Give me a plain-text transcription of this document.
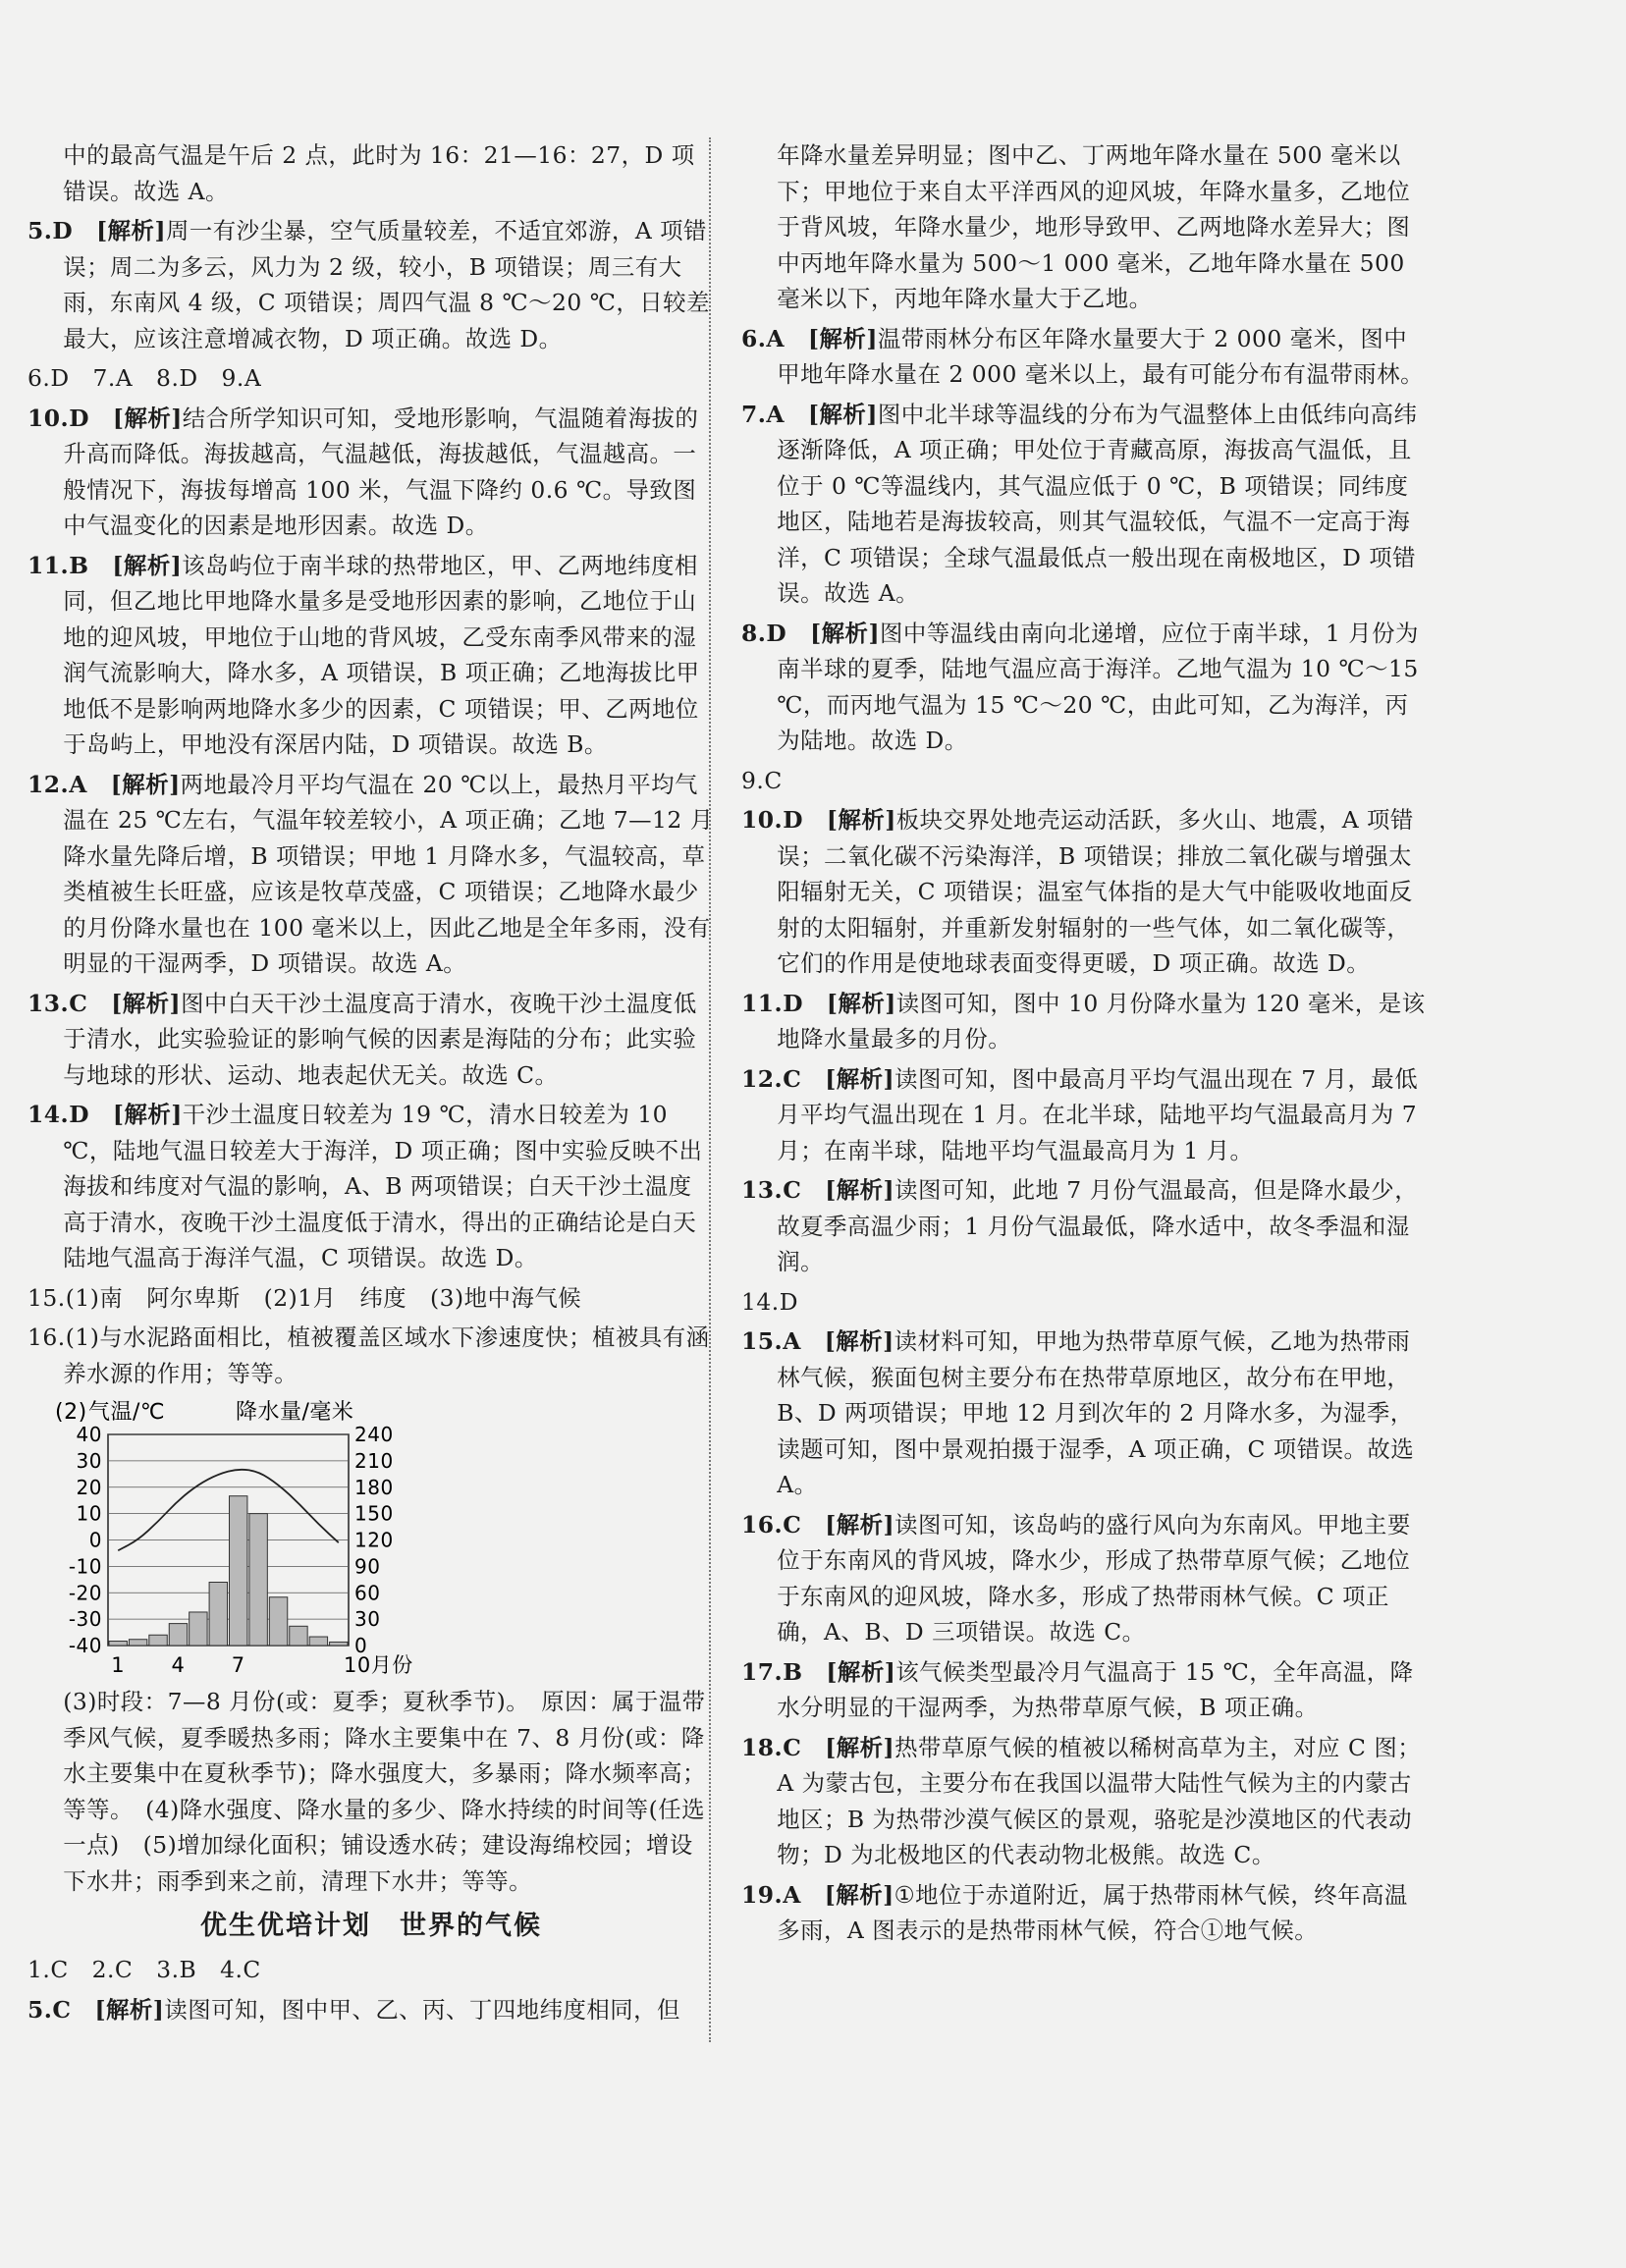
中的最高气温是午后 2 点，此时为 16：21—16：27，D 项错误。故选 A。

5.D　 [解析]周一有沙尘暴，空气质量较差，不适宜郊游，A 项错误；周二为多云，风力为 2 级，较小，B 项错误；周三有大雨，东南风 4 级，C 项错误；周四气温 8 ℃～20 ℃，日较差最大，应该注意增减衣物，D 项正确。故选 D。

6.D　7.A　8.D　9.A

10.D　 [解析]结合所学知识可知，受地形影响，气温随着海拔的升高而降低。海拔越高，气温越低，海拔越低，气温越高。一般情况下，海拔每增高 100 米，气温下降约 0.6 ℃。导致图中气温变化的因素是地形因素。故选 D。

11.B　 [解析]该岛屿位于南半球的热带地区，甲、乙两地纬度相同，但乙地比甲地降水量多是受地形因素的影响，乙地位于山地的迎风坡，甲地位于山地的背风坡，乙受东南季风带来的湿润气流影响大，降水多，A 项错误，B 项正确；乙地海拔比甲地低不是影响两地降水多少的因素，C 项错误；甲、乙两地位于岛屿上，甲地没有深居内陆，D 项错误。故选 B。

12.A　 [解析]两地最冷月平均气温在 20 ℃以上，最热月平均气温在 25 ℃左右，气温年较差较小，A 项正确；乙地 7—12 月降水量先降后增，B 项错误；甲地 1 月降水多，气温较高，草类植被生长旺盛，应该是牧草茂盛，C 项错误；乙地降水最少的月份降水量也在 100 毫米以上，因此乙地是全年多雨，没有明显的干湿两季，D 项错误。故选 A。

13.C　 [解析]图中白天干沙土温度高于清水，夜晚干沙土温度低于清水，此实验验证的影响气候的因素是海陆的分布；此实验与地球的形状、运动、地表起伏无关。故选 C。

14.D　 [解析]干沙土温度日较差为 19 ℃，清水日较差为 10 ℃，陆地气温日较差大于海洋，D 项正确；图中实验反映不出海拔和纬度对气温的影响，A、B 两项错误；白天干沙土温度高于清水，夜晚干沙土温度低于清水，得出的正确结论是白天陆地气温高于海洋气温，C 项错误。故选 D。

15.(1)南　阿尔卑斯　(2)1月　纬度　(3)地中海气候

16.(1)与水泥路面相比，植被覆盖区域水下渗速度快；植被具有涵养水源的作用；等等。

(2) 气温/℃	降水量/毫米
40
30
20
10
0
-10
-20
-30
-40
240
210
180
150
120
90
60
30
0
1 4 7	10月份

(3)时段：7—8 月份(或：夏季；夏秋季节)。　原因：属于温带季风气候，夏季暖热多雨；降水主要集中在 7、8 月份(或：降水主要集中在夏秋季节)；降水强度大，多暴雨；降水频率高；等等。　(4)降水强度、降水量的多少、降水持续的时间等(任选一点)　(5)增加绿化面积；铺设透水砖；建设海绵校园；增设下水井；雨季到来之前，清理下水井；等等。

优生优培计划　世界的气候

1.C　2.C　3.B　4.C

5.C　 [解析]读图可知，图中甲、乙、丙、丁四地纬度相同，但

年降水量差异明显；图中乙、丁两地年降水量在 500 毫米以下；甲地位于来自太平洋西风的迎风坡，年降水量多，乙地位于背风坡，年降水量少，地形导致甲、乙两地降水差异大；图中丙地年降水量为 500～1 000 毫米，乙地年降水量在 500 毫米以下，丙地年降水量大于乙地。

6.A　 [解析]温带雨林分布区年降水量要大于 2 000 毫米，图中甲地年降水量在 2 000 毫米以上，最有可能分布有温带雨林。

7.A　 [解析]图中北半球等温线的分布为气温整体上由低纬向高纬逐渐降低，A 项正确；甲处位于青藏高原，海拔高气温低，且位于 0 ℃等温线内，其气温应低于 0 ℃，B 项错误；同纬度地区，陆地若是海拔较高，则其气温较低，气温不一定高于海洋，C 项错误；全球气温最低点一般出现在南极地区，D 项错误。故选 A。

8.D　 [解析]图中等温线由南向北递增，应位于南半球，1 月份为南半球的夏季，陆地气温应高于海洋。乙地气温为 10 ℃～15 ℃，而丙地气温为 15 ℃～20 ℃，由此可知，乙为海洋，丙为陆地。故选 D。

9.C

10.D　 [解析]板块交界处地壳运动活跃，多火山、地震，A 项错误；二氧化碳不污染海洋，B 项错误；排放二氧化碳与增强太阳辐射无关，C 项错误；温室气体指的是大气中能吸收地面反射的太阳辐射，并重新发射辐射的一些气体，如二氧化碳等，它们的作用是使地球表面变得更暖，D 项正确。故选 D。

11.D　 [解析]读图可知，图中 10 月份降水量为 120 毫米，是该地降水量最多的月份。

12.C　 [解析]读图可知，图中最高月平均气温出现在 7 月，最低月平均气温出现在 1 月。在北半球，陆地平均气温最高月为 7 月；在南半球，陆地平均气温最高月为 1 月。

13.C　 [解析]读图可知，此地 7 月份气温最高，但是降水最少，故夏季高温少雨；1 月份气温最低，降水适中，故冬季温和湿润。

14.D

15.A　 [解析]读材料可知，甲地为热带草原气候，乙地为热带雨林气候，猴面包树主要分布在热带草原地区，故分布在甲地，B、D 两项错误；甲地 12 月到次年的 2 月降水多，为湿季，读题可知，图中景观拍摄于湿季，A 项正确，C 项错误。故选 A。

16.C　 [解析]读图可知，该岛屿的盛行风向为东南风。甲地主要位于东南风的背风坡，降水少，形成了热带草原气候；乙地位于东南风的迎风坡，降水多，形成了热带雨林气候。C 项正确，A、B、D 三项错误。故选 C。

17.B　 [解析]该气候类型最冷月气温高于 15 ℃，全年高温，降水分明显的干湿两季，为热带草原气候，B 项正确。

18.C　 [解析]热带草原气候的植被以稀树高草为主，对应 C 图；A 为蒙古包，主要分布在我国以温带大陆性气候为主的内蒙古地区；B 为热带沙漠气候区的景观，骆驼是沙漠地区的代表动物；D 为北极地区的代表动物北极熊。故选 C。

19.A　 [解析]①地位于赤道附近，属于热带雨林气候，终年高温多雨，A 图表示的是热带雨林气候，符合①地气候。
